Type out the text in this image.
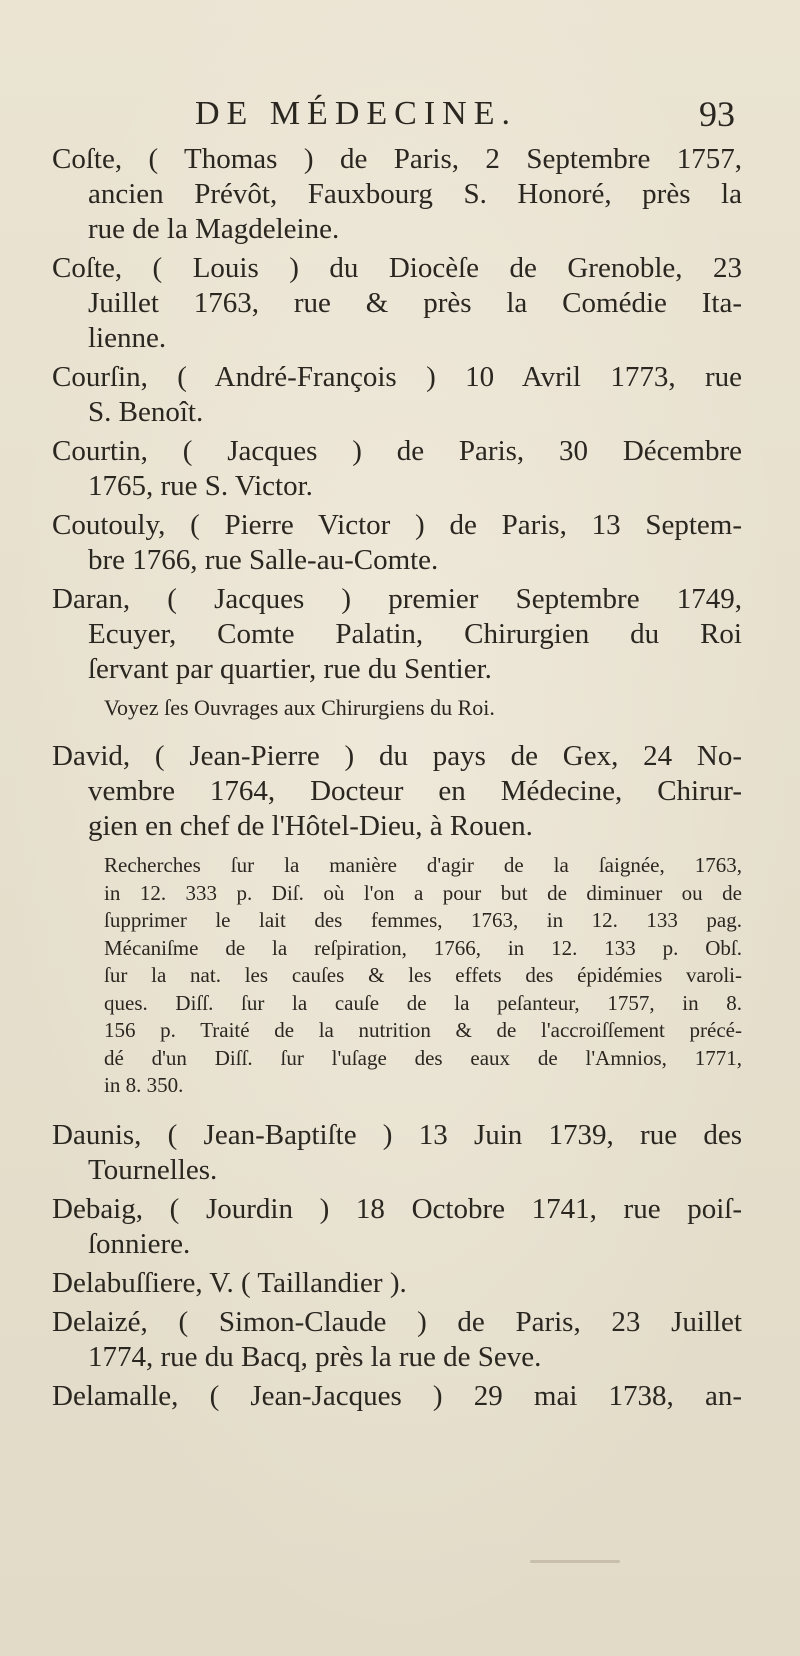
DE MÉDECINE.	93
Coſte, ( Thomas ) de Paris, 2 Septembre 1757,
ancien Prévôt, Fauxbourg S. Honoré, près la
rue de la Magdeleine.
Coſte, ( Louis ) du Diocèſe de Grenoble, 23
Juillet 1763, rue & près la Comédie Ita-
lienne.
Courſin, ( André-François ) 10 Avril 1773, rue
S. Benoît.
Courtin, ( Jacques ) de Paris, 30 Décembre
1765, rue S. Victor.
Coutouly, ( Pierre Victor ) de Paris, 13 Septem-
bre 1766, rue Salle-au-Comte.
Daran, ( Jacques ) premier Septembre 1749,
Ecuyer, Comte Palatin, Chirurgien du Roi
ſervant par quartier, rue du Sentier.
Voyez ſes Ouvrages aux Chirurgiens du Roi.
David, ( Jean-Pierre ) du pays de Gex, 24 No-
vembre 1764, Docteur en Médecine, Chirur-
gien en chef de l'Hôtel-Dieu, à Rouen.
Recherches ſur la manière d'agir de la ſaignée, 1763,
in 12. 333 p. Diſ. où l'on a pour but de diminuer ou de
ſupprimer le lait des femmes, 1763, in 12. 133 pag.
Mécaniſme de la reſpiration, 1766, in 12. 133 p. Obſ.
ſur la nat. les cauſes & les effets des épidémies varoli-
ques. Diſſ. ſur la cauſe de la peſanteur, 1757, in 8.
156 p. Traité de la nutrition & de l'accroiſſement précé-
dé d'un Diſſ. ſur l'uſage des eaux de l'Amnios, 1771,
in 8. 350.
Daunis, ( Jean-Baptiſte ) 13 Juin 1739, rue des
Tournelles.
Debaig, ( Jourdin ) 18 Octobre 1741, rue poiſ-
ſonniere.
Delabuſſiere, V. ( Taillandier ).
Delaizé, ( Simon-Claude ) de Paris, 23 Juillet
1774, rue du Bacq, près la rue de Seve.
Delamalle, ( Jean-Jacques ) 29 mai 1738, an-
